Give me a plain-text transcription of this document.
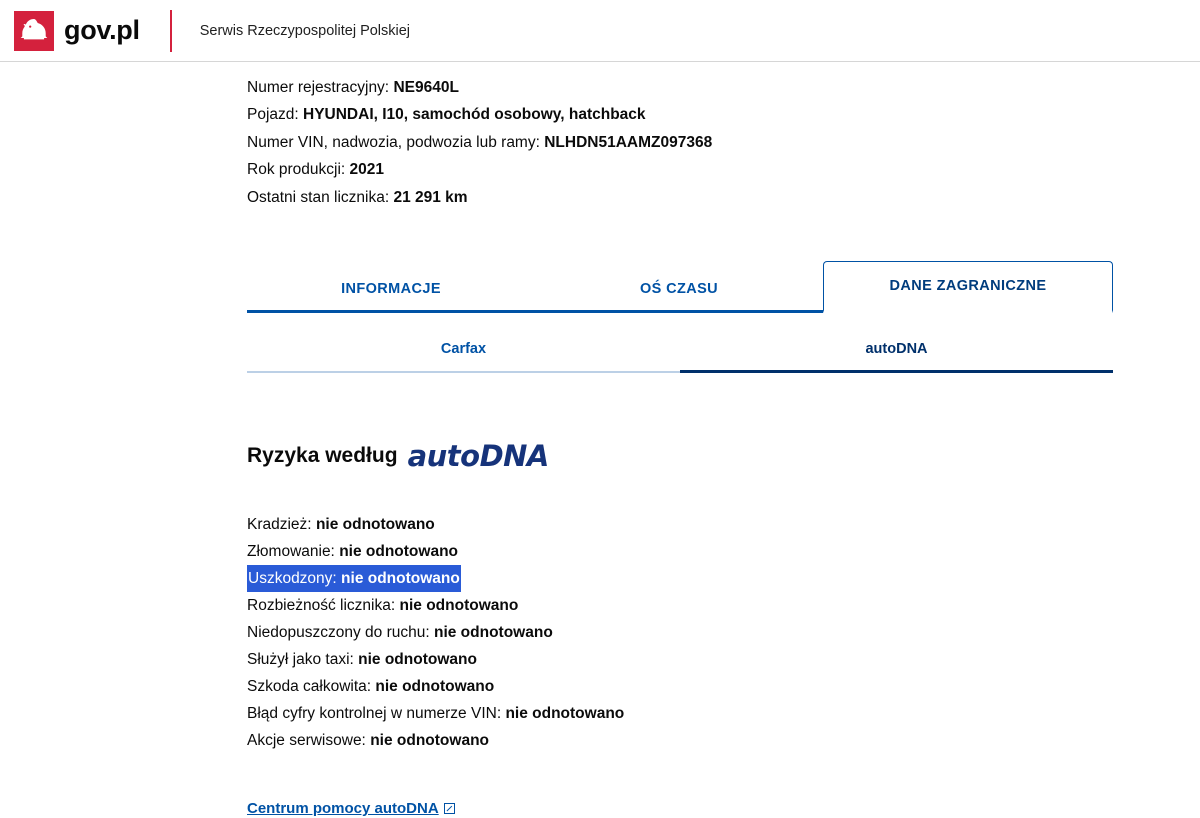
gov.pl	Serwis Rzeczypospolitej Polskiej
Numer rejestracyjny: NE9640L
Pojazd: HYUNDAI, I10, samochód osobowy, hatchback
Numer VIN, nadwozia, podwozia lub ramy: NLHDN51AAMZ097368
Rok produkcji: 2021
Ostatni stan licznika: 21 291 km
INFORMACJE	OŚ CZASU	DANE ZAGRANICZNE
Carfax	autoDNA
Ryzyka według autoDNA
Kradzież: nie odnotowano
Złomowanie: nie odnotowano
Uszkodzony: nie odnotowano
Rozbieżność licznika: nie odnotowano
Niedopuszczony do ruchu: nie odnotowano
Służył jako taxi: nie odnotowano
Szkoda całkowita: nie odnotowano
Błąd cyfry kontrolnej w numerze VIN: nie odnotowano
Akcje serwisowe: nie odnotowano
Centrum pomocy autoDNA
